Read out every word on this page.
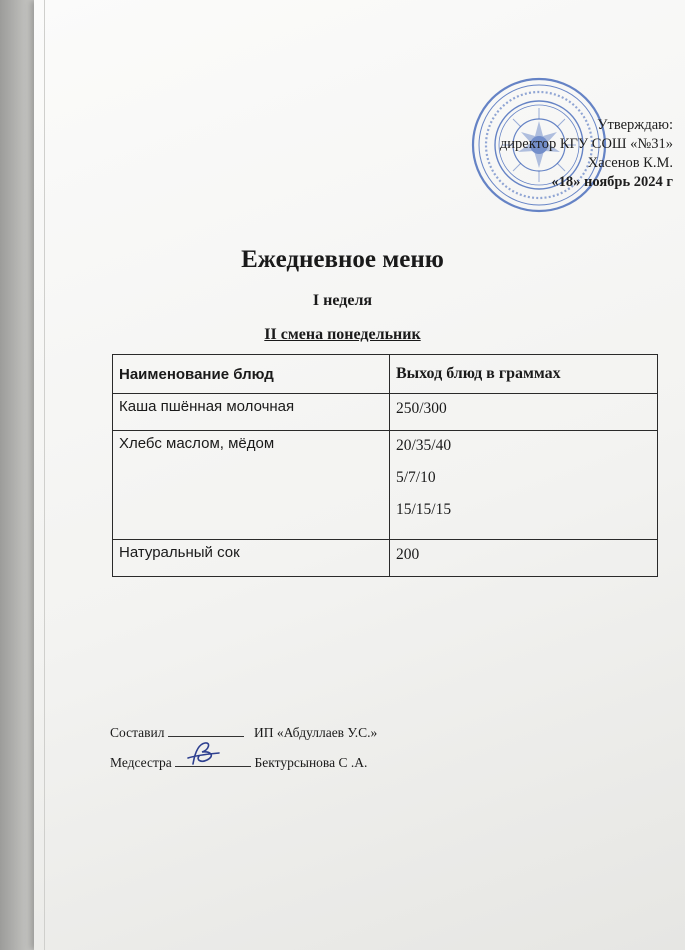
Утверждаю:
директор КГУ СОШ «№31»
Хасенов К.М.
«18» ноябрь 2024 г
Ежедневное меню
I неделя
II смена понедельник
Наименование блюд	Выход блюд в граммах
Каша пшённая молочная	250/300

Хлебс маслом, мёдом	20/35/40
5/7/10
15/15/15

Натуральный сок	200
Составил	ИП «Абдуллаев У.С.»
Медсестра	Бектурсынова С .А.
